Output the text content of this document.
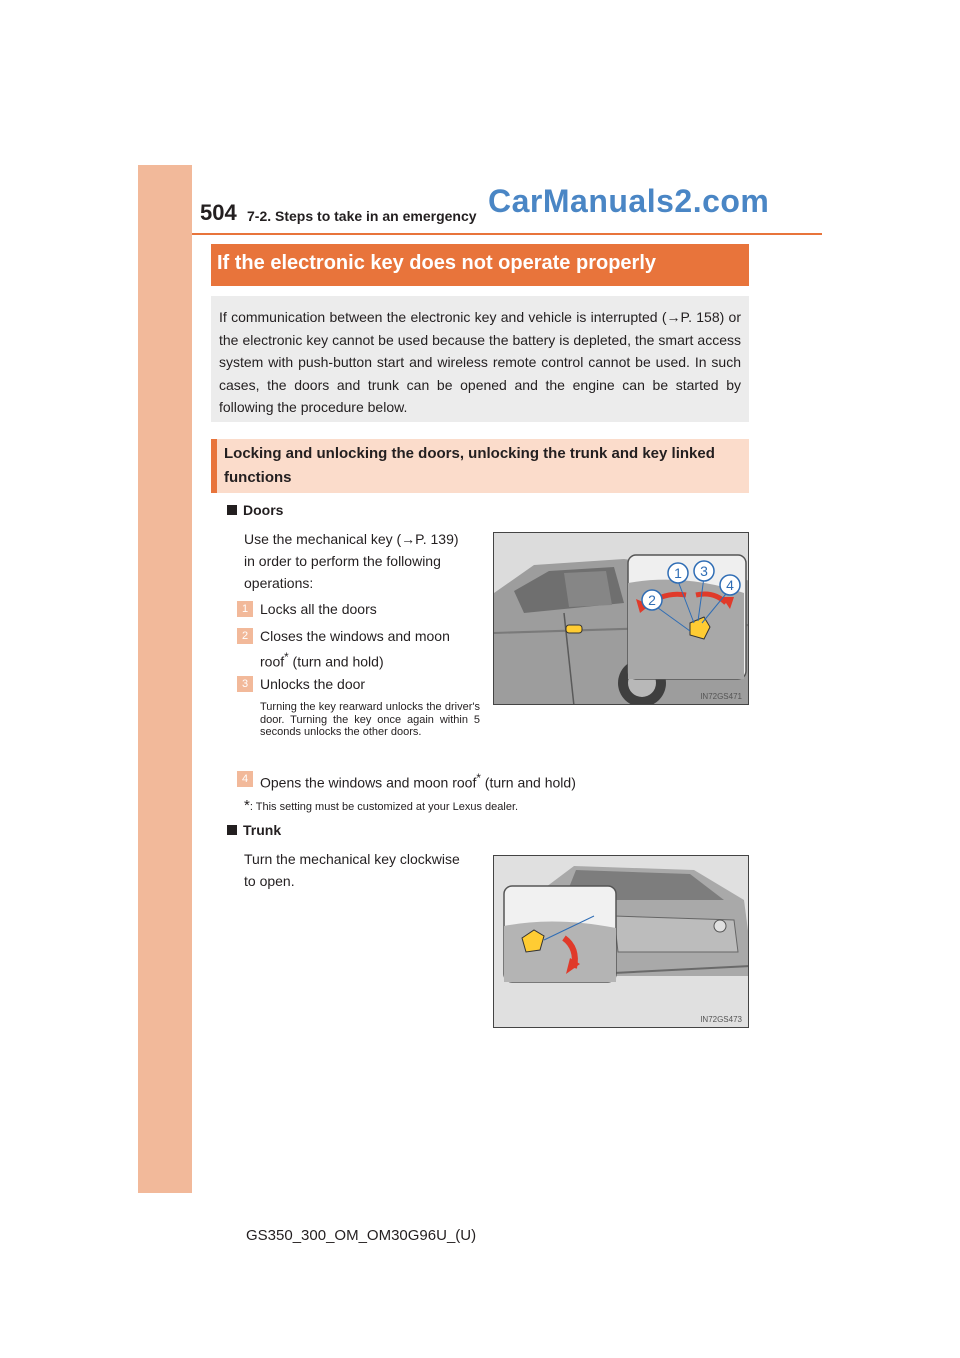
504 7-2. Steps to take in an emergency CarManuals2.com
If the electronic key does not operate properly

If communication between the electronic key and vehicle is interrupted (→P. 158) or the electronic key cannot be used because the battery is depleted, the smart access system with push-button start and wireless remote control cannot be used. In such cases, the doors and trunk can be opened and the engine can be started by following the procedure below.

Locking and unlocking the doors, unlocking the trunk and key linked functions

Doors
Use the mechanical key (→P. 139)
in order to perform the following
operations:
1 Locks all the doors
2 Closes the windows and moon
roof* (turn and hold)
3 Unlocks the door
Turning the key rearward unlocks the driver's door. Turning the key once again within 5 seconds unlocks the other doors.
4 Opens the windows and moon roof* (turn and hold)
*: This setting must be customized at your Lexus dealer.
1 3
2
4
IN72GS471
Trunk
Turn the mechanical key clockwise
to open.
IN72GS473
GS350_300_OM_OM30G96U_(U)
